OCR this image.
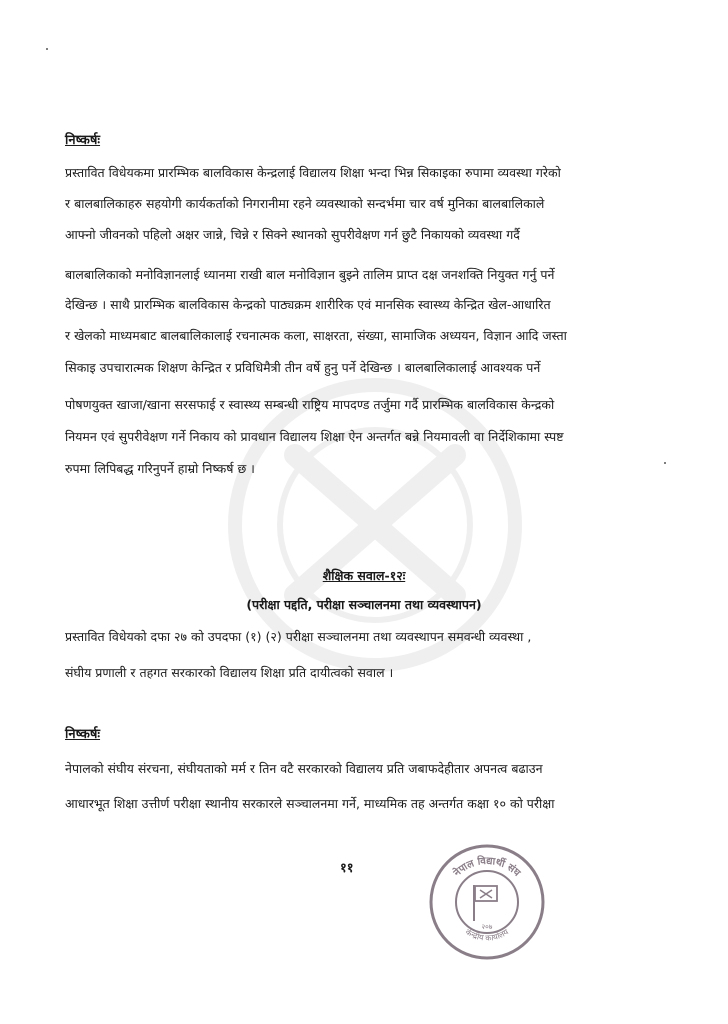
निष्कर्षः
प्रस्तावित विधेयकमा प्रारम्भिक बालविकास केन्द्रलाई विद्यालय शिक्षा भन्दा भिन्न सिकाइका रुपामा व्यवस्था गरेको
र बालबालिकाहरु सहयोगी कार्यकर्ताको निगरानीमा रहने व्यवस्थाको सन्दर्भमा चार वर्ष मुनिका बालबालिकाले
आफ्नो जीवनको पहिलो अक्षर जान्ने, चिन्ने र सिक्ने स्थानको सुपरीवेक्षण गर्न छुटै निकायको व्यवस्था गर्दै
बालबालिकाको मनोविज्ञानलाई ध्यानमा राखी बाल मनोविज्ञान बुझ्ने तालिम प्राप्त दक्ष जनशक्ति नियुक्त गर्नु पर्ने
देखिन्छ । साथै प्रारम्भिक बालविकास केन्द्रको पाठ्यक्रम शारीरिक एवं मानसिक स्वास्थ्य केन्द्रित खेल-आधारित
र खेलको माध्यमबाट बालबालिकालाई रचनात्मक कला, साक्षरता, संख्या, सामाजिक अध्ययन, विज्ञान आदि जस्ता
सिकाइ उपचारात्मक शिक्षण केन्द्रित र प्रविधिमैत्री तीन वर्षे हुनु पर्ने देखिन्छ । बालबालिकालाई आवश्यक पर्ने
पोषणयुक्त खाजा/खाना सरसफाई र स्वास्थ्य सम्बन्धी राष्ट्रिय मापदण्ड तर्जुमा गर्दै प्रारम्भिक बालविकास केन्द्रको
नियमन एवं सुपरीवेक्षण गर्ने निकाय को प्रावधान विद्यालय शिक्षा ऐन अन्तर्गत बन्ने नियमावली वा निर्देशिकामा स्पष्ट
रुपमा लिपिबद्ध गरिनुपर्ने हाम्रो निष्कर्ष छ ।
शैक्षिक सवाल-१२ः
(परीक्षा पद्दति, परीक्षा सञ्चालनमा तथा व्यवस्थापन)
प्रस्तावित विधेयको दफा २७ को उपदफा (१) (२) परीक्षा सञ्चालनमा तथा व्यवस्थापन समवन्धी व्यवस्था ,
संघीय प्रणाली र तहगत सरकारको विद्यालय शिक्षा प्रति दायीत्वको सवाल ।
निष्कर्षः
नेपालको संघीय संरचना, संघीयताको मर्म र तिन वटै सरकारको विद्यालय प्रति जबाफदेहीतार अपनत्व बढाउन
आधारभूत शिक्षा उत्तीर्ण परीक्षा स्थानीय सरकारले सञ्चालनमा गर्ने, माध्यमिक तह अन्तर्गत कक्षा १० को परीक्षा
११	नेपाल विद्यार्थी संघ
केन्द्रीय कार्यालय
२०७
